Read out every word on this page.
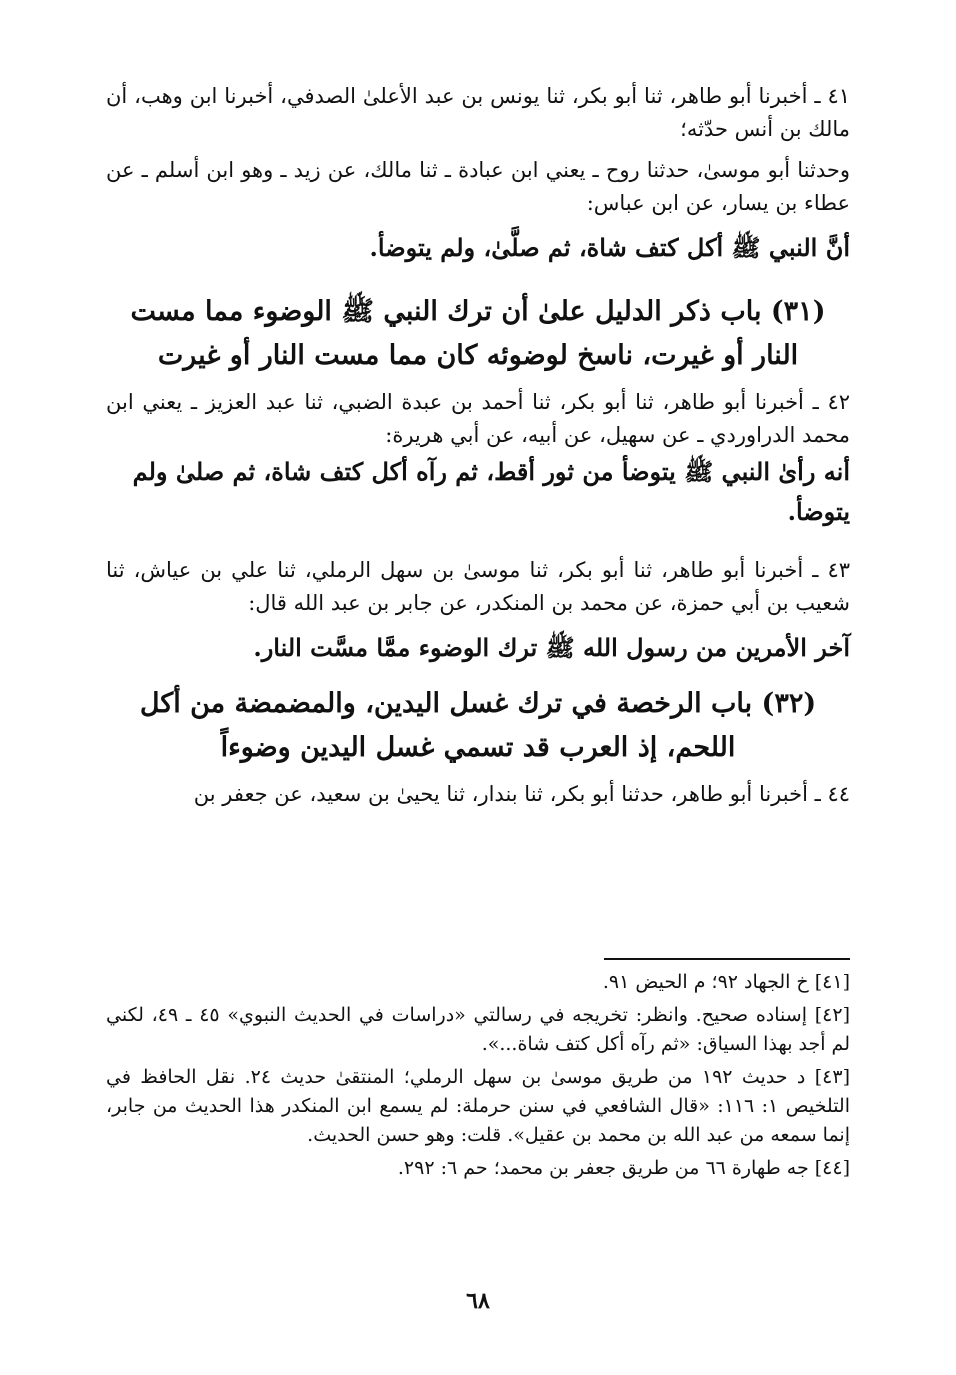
٤١ ـ أخبرنا أبو طاهر، ثنا أبو بكر، ثنا يونس بن عبد الأعلىٰ الصدفي، أخبرنا ابن وهب، أن مالك بن أنس حدّثه؛

وحدثنا أبو موسىٰ، حدثنا روح ـ يعني ابن عبادة ـ ثنا مالك، عن زيد ـ وهو ابن أسلم ـ عن عطاء بن يسار، عن ابن عباس:

أنَّ النبي ﷺ أكل كتف شاة، ثم صلَّىٰ، ولم يتوضأ.

(٣١) باب ذكر الدليل علىٰ أن ترك النبي ﷺ الوضوء مما مست النار أو غيرت، ناسخ لوضوئه كان مما مست النار أو غيرت

٤٢ ـ أخبرنا أبو طاهر، ثنا أبو بكر، ثنا أحمد بن عبدة الضبي، ثنا عبد العزيز ـ يعني ابن محمد الدراوردي ـ عن سهيل، عن أبيه، عن أبي هريرة:

أنه رأىٰ النبي ﷺ يتوضأ من ثور أقط، ثم رآه أكل كتف شاة، ثم صلىٰ ولم يتوضأ.

٤٣ ـ أخبرنا أبو طاهر، ثنا أبو بكر، ثنا موسىٰ بن سهل الرملي، ثنا علي بن عياش، ثنا شعيب بن أبي حمزة، عن محمد بن المنكدر، عن جابر بن عبد الله قال:

آخر الأمرين من رسول الله ﷺ ترك الوضوء ممَّا مسَّت النار.

(٣٢) باب الرخصة في ترك غسل اليدين، والمضمضة من أكل اللحم، إذ العرب قد تسمي غسل اليدين وضوءاً

٤٤ ـ أخبرنا أبو طاهر، حدثنا أبو بكر، ثنا بندار، ثنا يحيىٰ بن سعيد، عن جعفر بن

[٤١] خ الجهاد ٩٢؛ م الحيض ٩١.

[٤٢] إسناده صحيح. وانظر: تخريجه في رسالتي «دراسات في الحديث النبوي» ٤٥ ـ ٤٩، لكني لم أجد بهذا السياق: «ثم رآه أكل كتف شاة...».

[٤٣] د حديث ١٩٢ من طريق موسىٰ بن سهل الرملي؛ المنتقىٰ حديث ٢٤. نقل الحافظ في التلخيص ١: ١١٦: «قال الشافعي في سنن حرملة: لم يسمع ابن المنكدر هذا الحديث من جابر، إنما سمعه من عبد الله بن محمد بن عقيل». قلت: وهو حسن الحديث.

[٤٤] جه طهارة ٦٦ من طريق جعفر بن محمد؛ حم ٦: ٢٩٢.

٦٨
